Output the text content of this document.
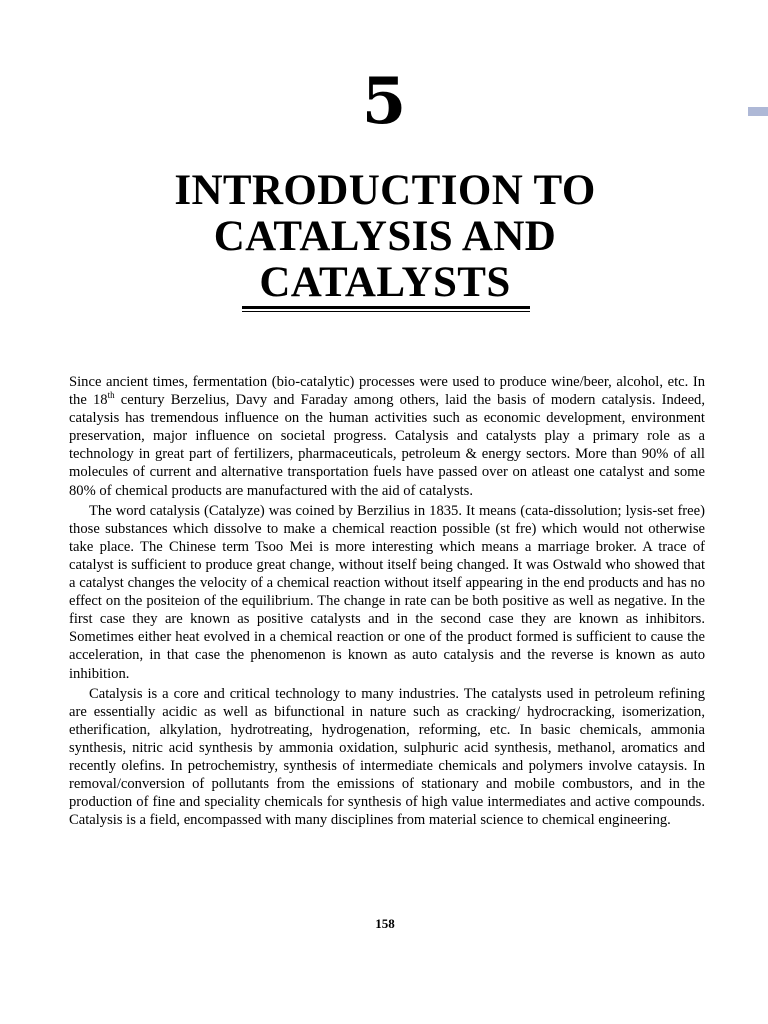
5
INTRODUCTION TO
CATALYSIS AND
CATALYSTS

Since ancient times, fermentation (bio-catalytic) processes were used to produce wine/beer, alcohol, etc. In the 18th century Berzelius, Davy and Faraday among others, laid the basis of modern catalysis. Indeed, catalysis has tremendous influence on the human activities such as economic development, environment preservation, major influence on societal progress. Catalysis and catalysts play a primary role as a technology in great part of fertilizers, pharmaceuticals, petroleum & energy sectors. More than 90% of all molecules of current and alternative transportation fuels have passed over on atleast one catalyst and some 80% of chemical products are manufactured with the aid of catalysts.

The word catalysis (Catalyze) was coined by Berzilius in 1835. It means (cata-dissolution; lysis-set free) those substances which dissolve to make a chemical reaction possible (st fre) which would not otherwise take place. The Chinese term Tsoo Mei is more interesting which means a marriage broker. A trace of catalyst is sufficient to produce great change, without itself being changed. It was Ostwald who showed that a catalyst changes the velocity of a chemical reaction without itself appearing in the end products and has no effect on the positeion of the equilibrium. The change in rate can be both positive as well as negative. In the first case they are known as positive catalysts and in the second case they are known as inhibitors. Sometimes either heat evolved in a chemical reaction or one of the product formed is sufficient to cause the acceleration, in that case the phenomenon is known as auto catalysis and the reverse is known as auto inhibition.

Catalysis is a core and critical technology to many industries. The catalysts used in petroleum refining are essentially acidic as well as bifunctional in nature such as cracking/ hydrocracking, isomerization, etherification, alkylation, hydrotreating, hydrogenation, reforming, etc. In basic chemicals, ammonia synthesis, nitric acid synthesis by ammonia oxidation, sulphuric acid synthesis, methanol, aromatics and recently olefins. In petrochemistry, synthesis of intermediate chemicals and polymers involve cataysis. In removal/conversion of pollutants from the emissions of stationary and mobile combustors, and in the production of fine and speciality chemicals for synthesis of high value intermediates and active compounds. Catalysis is a field, encompassed with many disciplines from material science to chemical engineering.

158
